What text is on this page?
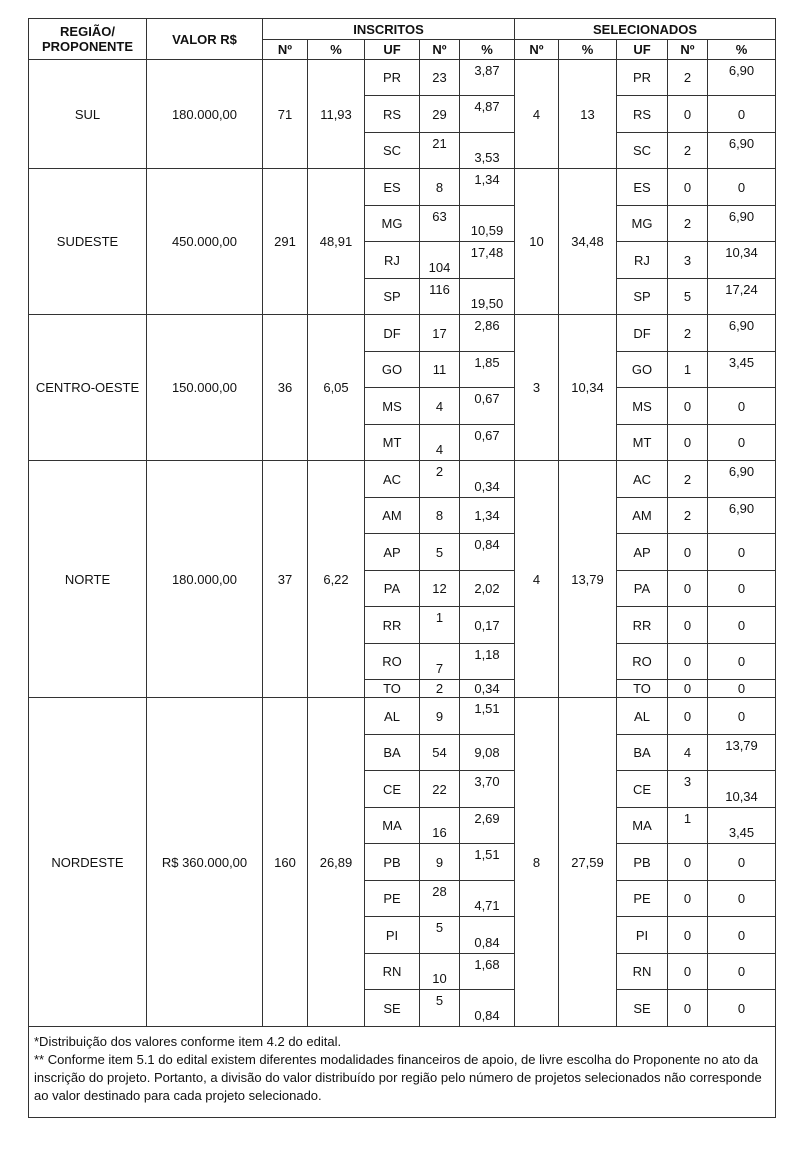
REGIÃO/ PROPONENTE	VALOR R$	INSCRITOS					SELECIONADOS				
		Nº	%	UF	Nº	%	Nº	%	UF	Nº	%
SUL	180.000,00	71	11,93	PR	23	3,87	4	13	PR	2	6,90
				RS	29	4,87			RS	0	0
				SC	21	3,53			SC	2	6,90
SUDESTE	450.000,00	291	48,91	ES	8	1,34	10	34,48	ES	0	0
				MG	63	10,59			MG	2	6,90
				RJ	104	17,48			RJ	3	10,34
				SP	116	19,50			SP	5	17,24
CENTRO-OESTE	150.000,00	36	6,05	DF	17	2,86	3	10,34	DF	2	6,90
				GO	11	1,85			GO	1	3,45
				MS	4	0,67			MS	0	0
				MT	4	0,67			MT	0	0
NORTE	180.000,00	37	6,22	AC	2	0,34	4	13,79	AC	2	6,90
				AM	8	1,34			AM	2	6,90
				AP	5	0,84			AP	0	0
				PA	12	2,02			PA	0	0
				RR	1	0,17			RR	0	0
				RO	7	1,18			RO	0	0
				TO	2	0,34			TO	0	0
NORDESTE	R$ 360.000,00	160	26,89	AL	9	1,51	8	27,59	AL	0	0
				BA	54	9,08			BA	4	13,79
				CE	22	3,70			CE	3	10,34
				MA	16	2,69			MA	1	3,45
				PB	9	1,51			PB	0	0
				PE	28	4,71			PE	0	0
				PI	5	0,84			PI	0	0
				RN	10	1,68			RN	0	0
				SE	5	0,84			SE	0	0
*Distribuição dos valores conforme item 4.2 do edital.
** Conforme item 5.1 do edital existem diferentes modalidades financeiros de apoio, de livre escolha do Proponente no ato da inscrição do projeto. Portanto, a divisão do valor distribuído por região pelo número de projetos selecionados não corresponde ao valor destinado para cada projeto selecionado.
